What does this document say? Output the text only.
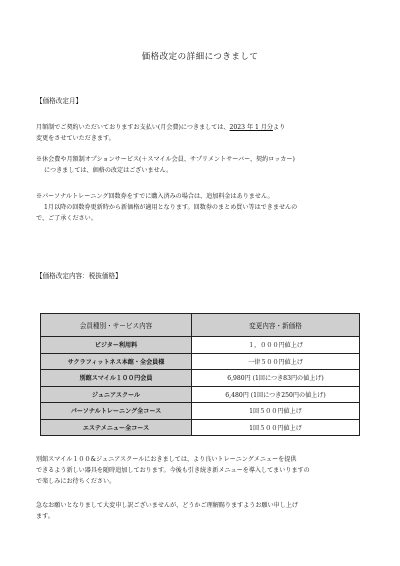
価格改定の詳細につきまして
【価格改定月】

月額制でご契約いただいておりますお支払い(月会費)につきましては、2023 年 1 月分より

変更をさせていただきます。

※休会費や月額制オプションサービス(＋スマイル会員、サプリメントサーバー、契約ロッカー)

につきましては、価格の改定はございません。

※パーソナルトレーニング回数券をすでに購入済みの場合は、追加料金はありません。

1月以降の回数券更新時から新価格が適用となります。回数券のまとめ買い等はできませんの

で、ご了承ください。

【価格改定内容：税抜価格】
会員種別・サービス内容	変更内容・新価格
ビジター利用料	１，０００円値上げ
サクラフィットネス本館・全会員様	一律５００円値上げ
別館スマイル１００円会員	6,980円 (1回につき83円の値上げ)
ジュニアスクール	6,480円 (1回につき250円の値上げ)
パーソナルトレーニング全コース	1回５００円値上げ
エステメニュー全コース	1回５００円値上げ

別館スマイル１００&ジュニアスクールにおきましては、より良いトレーニングメニューを提供

できるよう新しい器具を随時追加しております。今後も引き続き新メニューを導入してまいりますの

で楽しみにお待ちください。

急なお願いとなりまして大変申し訳ございませんが、どうかご理解賜りますようお願い申し上げ

ます。
